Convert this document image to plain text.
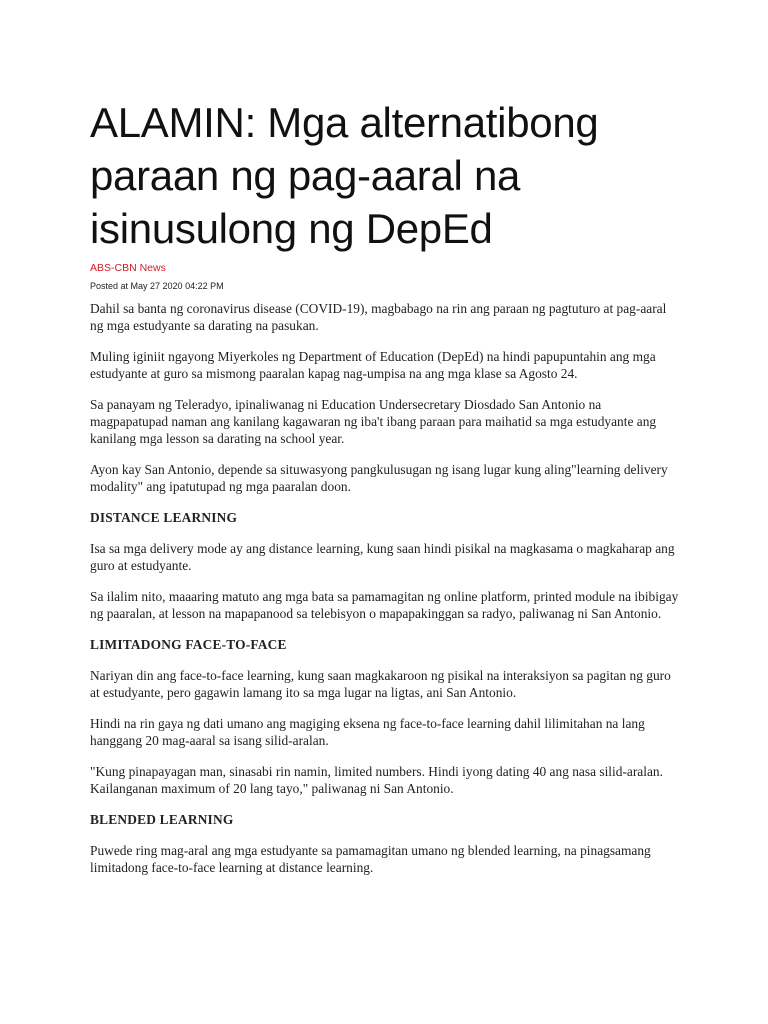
ALAMIN: Mga alternatibong paraan ng pag-aaral na isinusulong ng DepEd
ABS-CBN News
Posted at May 27 2020 04:22 PM

Dahil sa banta ng coronavirus disease (COVID-19), magbabago na rin ang paraan ng pagtuturo at pag-aaral ng mga estudyante sa darating na pasukan.

Muling iginiit ngayong Miyerkoles ng Department of Education (DepEd) na hindi papupuntahin ang mga estudyante at guro sa mismong paaralan kapag nag-umpisa na ang mga klase sa Agosto 24.

Sa panayam ng Teleradyo, ipinaliwanag ni Education Undersecretary Diosdado San Antonio na magpapatupad naman ang kanilang kagawaran ng iba't ibang paraan para maihatid sa mga estudyante ang kanilang mga lesson sa darating na school year.

Ayon kay San Antonio, depende sa situwasyong pangkulusugan ng isang lugar kung aling"learning delivery modality" ang ipatutupad ng mga paaralan doon.

DISTANCE LEARNING

Isa sa mga delivery mode ay ang distance learning, kung saan hindi pisikal na magkasama o magkaharap ang guro at estudyante.

Sa ilalim nito, maaaring matuto ang mga bata sa pamamagitan ng online platform, printed module na ibibigay ng paaralan, at lesson na mapapanood sa telebisyon o mapapakinggan sa radyo, paliwanag ni San Antonio.

LIMITADONG FACE-TO-FACE

Nariyan din ang face-to-face learning, kung saan magkakaroon ng pisikal na interaksiyon sa pagitan ng guro at estudyante, pero gagawin lamang ito sa mga lugar na ligtas, ani San Antonio.

Hindi na rin gaya ng dati umano ang magiging eksena ng face-to-face learning dahil lilimitahan na lang hanggang 20 mag-aaral sa isang silid-aralan.

"Kung pinapayagan man, sinasabi rin namin, limited numbers. Hindi iyong dating 40 ang nasa silid-aralan. Kailanganan maximum of 20 lang tayo," paliwanag ni San Antonio.

BLENDED LEARNING

Puwede ring mag-aral ang mga estudyante sa pamamagitan umano ng blended learning, na pinagsamang limitadong face-to-face learning at distance learning.
